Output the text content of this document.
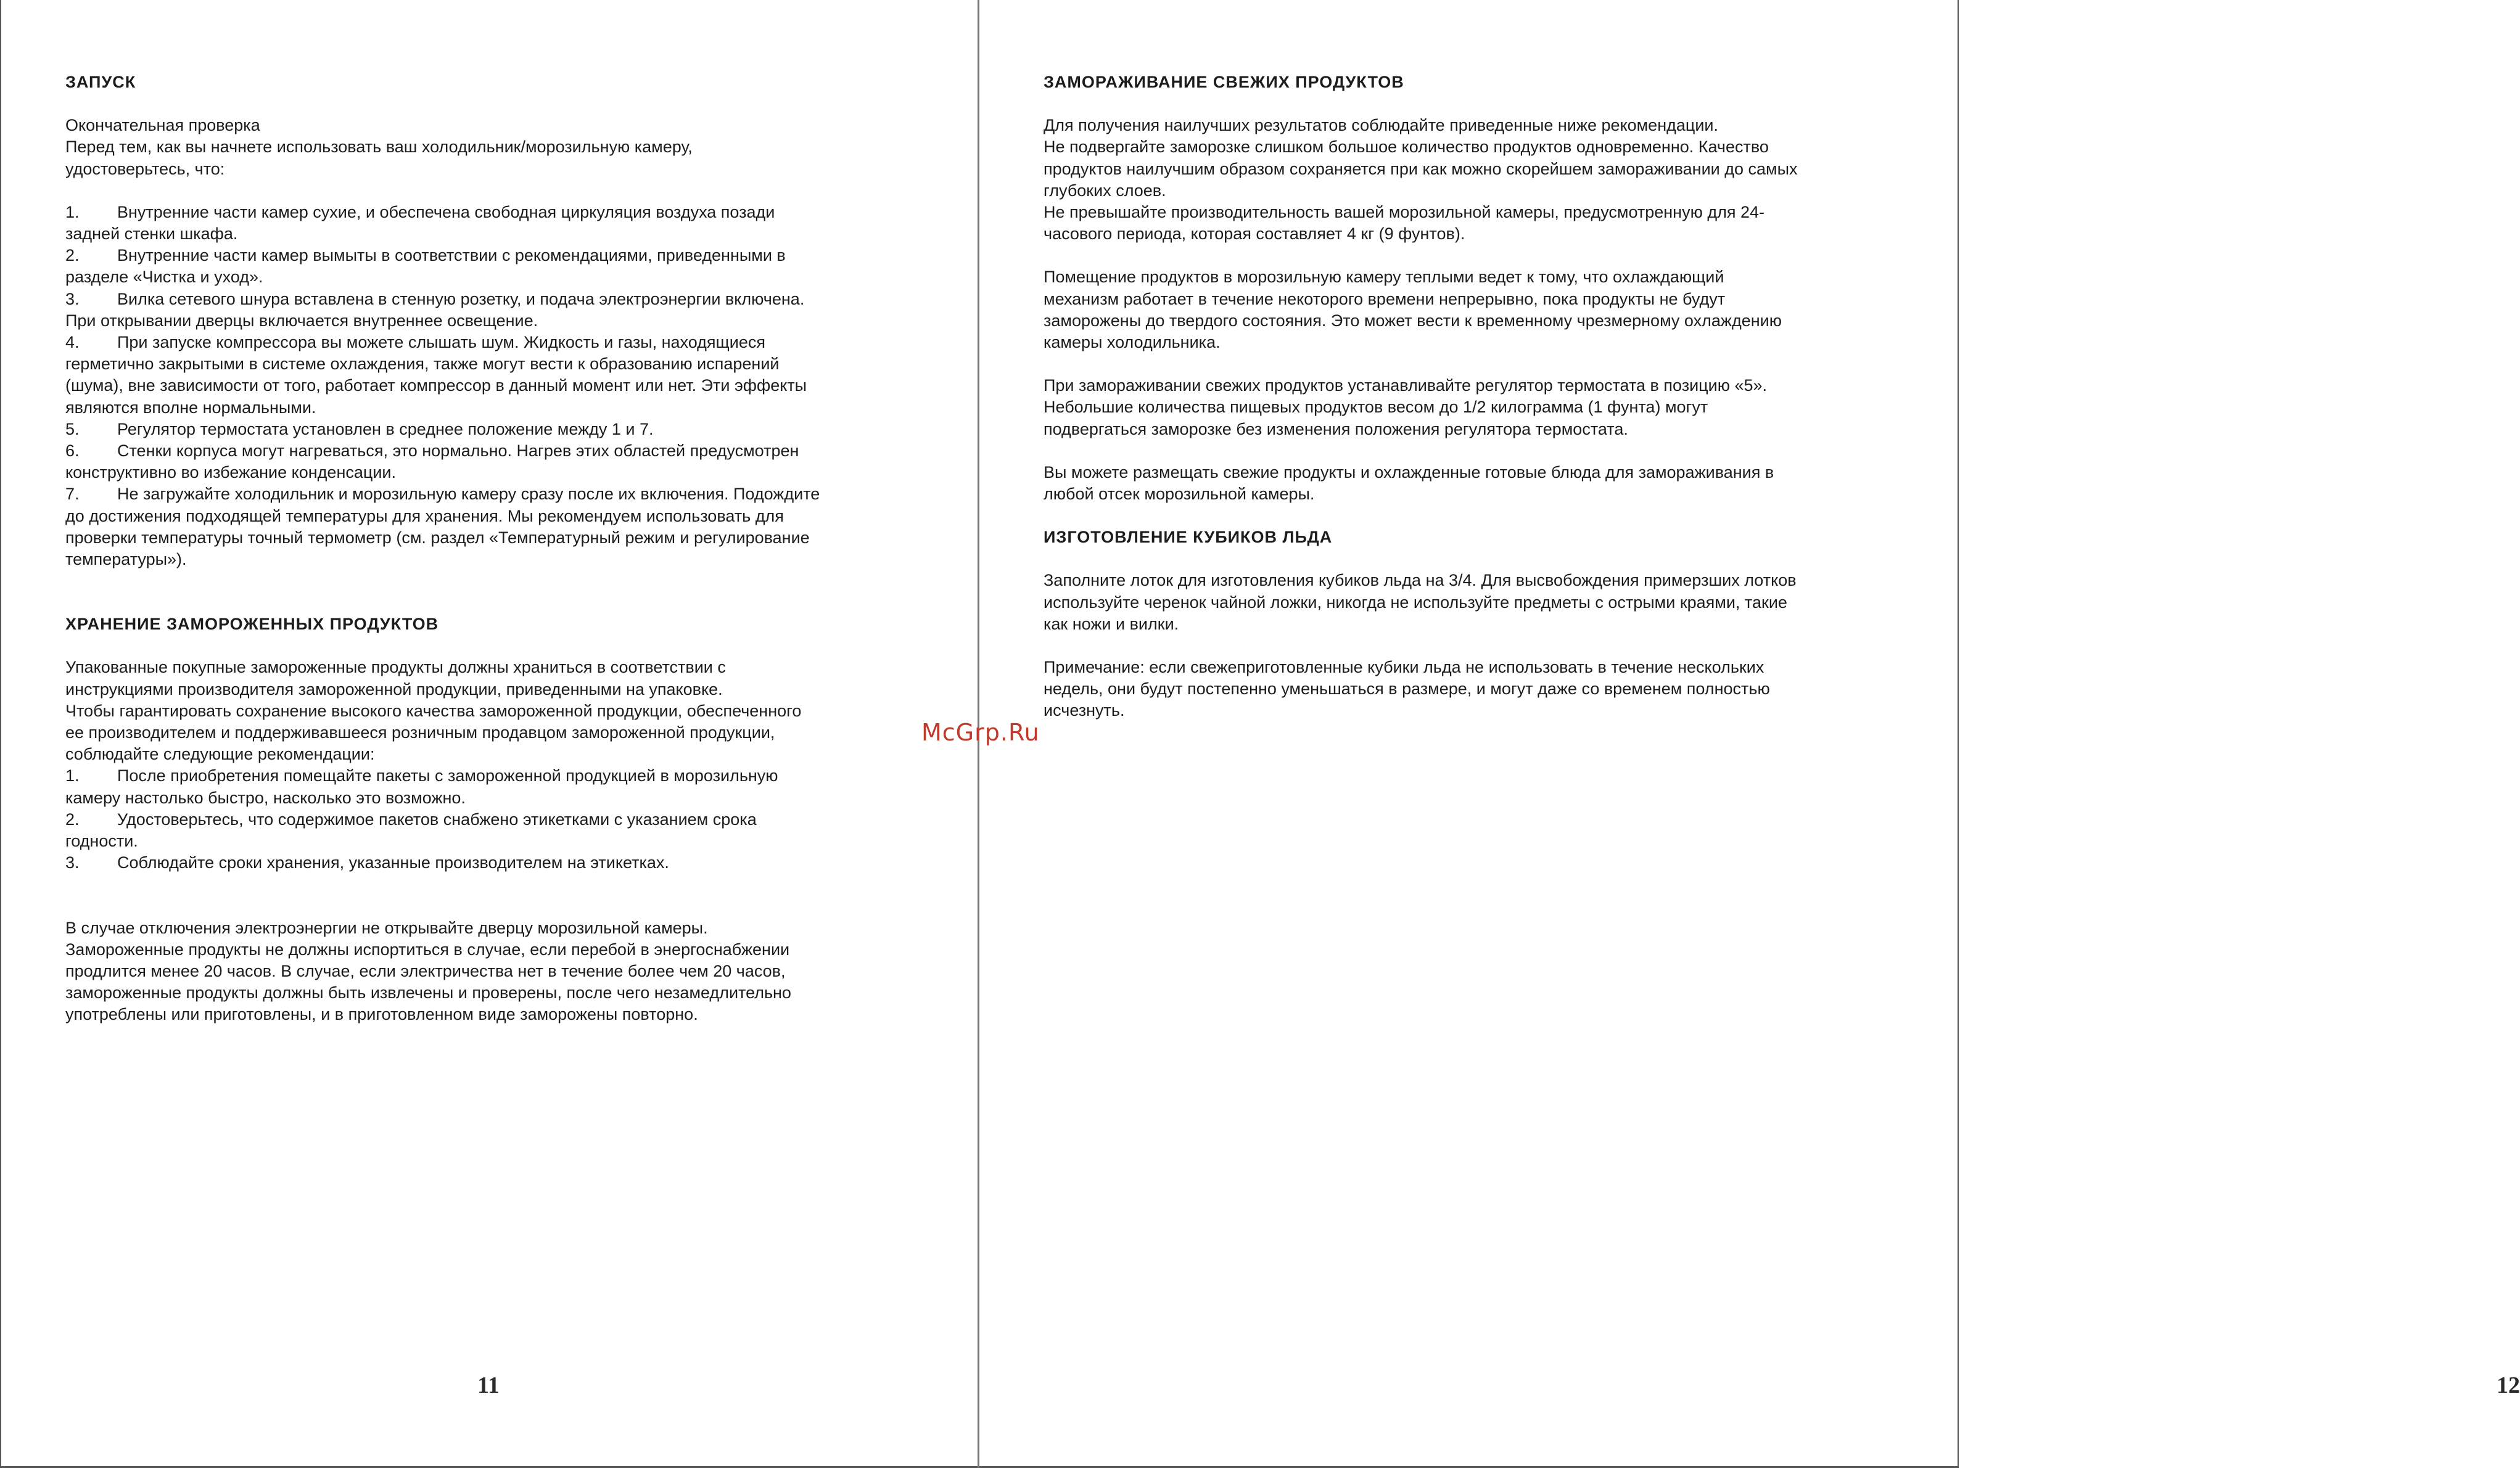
ЗАПУСК

Окончательная проверка
Перед тем, как вы начнете использовать ваш холодильник/морозильную камеру,
удостоверьтесь, что:

1. Внутренние части камер сухие, и обеспечена свободная циркуляция воздуха позади
задней стенки шкафа.

2. Внутренние части камер вымыты в соответствии с рекомендациями, приведенными в
разделе «Чистка и уход».

3. Вилка сетевого шнура вставлена в стенную розетку, и подача электроэнергии включена.
При открывании дверцы включается внутреннее освещение.

4. При запуске компрессора вы можете слышать шум. Жидкость и газы, находящиеся
герметично закрытыми в системе охлаждения, также могут вести к образованию испарений
(шума), вне зависимости от того, работает компрессор в данный момент или нет. Эти эффекты
являются вполне нормальными.

5. Регулятор термостата установлен в среднее положение между 1 и 7.

6. Стенки корпуса могут нагреваться, это нормально. Нагрев этих областей предусмотрен
конструктивно во избежание конденсации.

7. Не загружайте холодильник и морозильную камеру сразу после их включения. Подождите
до достижения подходящей температуры для хранения. Мы рекомендуем использовать для
проверки температуры точный термометр (см. раздел «Температурный режим и регулирование
температуры»).

ХРАНЕНИЕ ЗАМОРОЖЕННЫХ ПРОДУКТОВ

Упакованные покупные замороженные продукты должны храниться в соответствии с
инструкциями производителя замороженной продукции, приведенными на упаковке.
Чтобы гарантировать сохранение высокого качества замороженной продукции, обеспеченного
ее производителем и поддерживавшееся розничным продавцом замороженной продукции,
соблюдайте следующие рекомендации:

1. После приобретения помещайте пакеты с замороженной продукцией в морозильную
камеру настолько быстро, насколько это возможно.

2. Удостоверьтесь, что содержимое пакетов снабжено этикетками с указанием срока
годности.

3. Соблюдайте сроки хранения, указанные производителем на этикетках.

В случае отключения электроэнергии не открывайте дверцу морозильной камеры.
Замороженные продукты не должны испортиться в случае, если перебой в энергоснабжении
продлится менее 20 часов. В случае, если электричества нет в течение более чем 20 часов,
замороженные продукты должны быть извлечены и проверены, после чего незамедлительно
употреблены или приготовлены, и в приготовленном виде заморожены повторно.

11

ЗАМОРАЖИВАНИЕ СВЕЖИХ ПРОДУКТОВ

Для получения наилучших результатов соблюдайте приведенные ниже рекомендации.
Не подвергайте заморозке слишком большое количество продуктов одновременно. Качество
продуктов наилучшим образом сохраняется при как можно скорейшем замораживании до самых
глубоких слоев.
Не превышайте производительность вашей морозильной камеры, предусмотренную для 24-
часового периода, которая составляет 4 кг (9 фунтов).

Помещение продуктов в морозильную камеру теплыми ведет к тому, что охлаждающий
механизм работает в течение некоторого времени непрерывно, пока продукты не будут
заморожены до твердого состояния. Это может вести к временному чрезмерному охлаждению
камеры холодильника.

При замораживании свежих продуктов устанавливайте регулятор термостата в позицию «5».
Небольшие количества пищевых продуктов весом до 1/2 килограмма (1 фунта) могут
подвергаться заморозке без изменения положения регулятора термостата.

Вы можете размещать свежие продукты и охлажденные готовые блюда для замораживания в
любой отсек морозильной камеры.

ИЗГОТОВЛЕНИЕ КУБИКОВ ЛЬДА

Заполните лоток для изготовления кубиков льда на 3/4. Для высвобождения примерзших лотков
используйте черенок чайной ложки, никогда не используйте предметы с острыми краями, такие
как ножи и вилки.

Примечание: если свежеприготовленные кубики льда не использовать в течение нескольких
недель, они будут постепенно уменьшаться в размере, и могут даже со временем полностью
исчезнуть.

12
McGrp.Ru
